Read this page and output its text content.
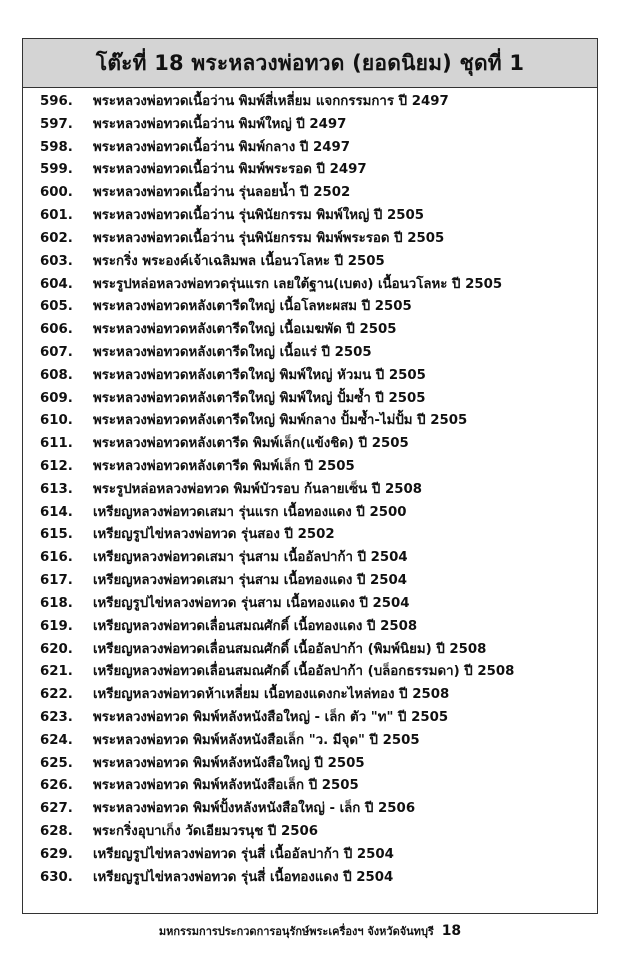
โต๊ะที่ 18 พระหลวงพ่อทวด (ยอดนิยม) ชุดที่ 1
596.	พระหลวงพ่อทวดเนื้อว่าน พิมพ์สี่เหลี่ยม แจกกรรมการ ปี 2497
597.	พระหลวงพ่อทวดเนื้อว่าน พิมพ์ใหญ่ ปี 2497
598.	พระหลวงพ่อทวดเนื้อว่าน พิมพ์กลาง ปี 2497
599.	พระหลวงพ่อทวดเนื้อว่าน พิมพ์พระรอด ปี 2497
600.	พระหลวงพ่อทวดเนื้อว่าน รุ่นลอยน้ำ ปี 2502
601.	พระหลวงพ่อทวดเนื้อว่าน รุ่นพินัยกรรม พิมพ์ใหญ่ ปี 2505
602.	พระหลวงพ่อทวดเนื้อว่าน รุ่นพินัยกรรม พิมพ์พระรอด ปี 2505
603.	พระกริ่ง พระองค์เจ้าเฉลิมพล เนื้อนวโลหะ ปี 2505
604.	พระรูปหล่อหลวงพ่อทวดรุ่นแรก เลยใต้ฐาน(เบตง) เนื้อนวโลหะ ปี 2505
605.	พระหลวงพ่อทวดหลังเตารีดใหญ่ เนื้อโลหะผสม ปี 2505
606.	พระหลวงพ่อทวดหลังเตารีดใหญ่ เนื้อเมฆพัด ปี 2505
607.	พระหลวงพ่อทวดหลังเตารีดใหญ่ เนื้อแร่ ปี 2505
608.	พระหลวงพ่อทวดหลังเตารีดใหญ่ พิมพ์ใหญ่ หัวมน ปี 2505
609.	พระหลวงพ่อทวดหลังเตารีดใหญ่ พิมพ์ใหญ่ ปั้มซ้ำ ปี 2505
610.	พระหลวงพ่อทวดหลังเตารีดใหญ่ พิมพ์กลาง ปั้มซ้ำ-ไม่ปั้ม ปี 2505
611.	พระหลวงพ่อทวดหลังเตารีด พิมพ์เล็ก(แข้งชิด) ปี 2505
612.	พระหลวงพ่อทวดหลังเตารีด พิมพ์เล็ก ปี 2505
613.	พระรูปหล่อหลวงพ่อทวด พิมพ์บัวรอบ ก้นลายเซ็น ปี 2508
614.	เหรียญหลวงพ่อทวดเสมา รุ่นแรก เนื้อทองแดง ปี 2500
615.	เหรียญรูปไข่หลวงพ่อทวด รุ่นสอง ปี 2502
616.	เหรียญหลวงพ่อทวดเสมา รุ่นสาม เนื้ออัลปาก้า ปี 2504
617.	เหรียญหลวงพ่อทวดเสมา รุ่นสาม เนื้อทองแดง ปี 2504
618.	เหรียญรูปไข่หลวงพ่อทวด รุ่นสาม เนื้อทองแดง ปี 2504
619.	เหรียญหลวงพ่อทวดเลื่อนสมณศักดิ์ เนื้อทองแดง ปี 2508
620.	เหรียญหลวงพ่อทวดเลื่อนสมณศักดิ์ เนื้ออัลปาก้า (พิมพ์นิยม) ปี 2508
621.	เหรียญหลวงพ่อทวดเลื่อนสมณศักดิ์ เนื้ออัลปาก้า (บล็อกธรรมดา) ปี 2508
622.	เหรียญหลวงพ่อทวดห้าเหลี่ยม เนื้อทองแดงกะไหล่ทอง ปี 2508
623.	พระหลวงพ่อทวด พิมพ์หลังหนังสือใหญ่ - เล็ก ตัว "ท" ปี 2505
624.	พระหลวงพ่อทวด พิมพ์หลังหนังสือเล็ก "ว. มีจุด" ปี 2505
625.	พระหลวงพ่อทวด พิมพ์หลังหนังสือใหญ่ ปี 2505
626.	พระหลวงพ่อทวด พิมพ์หลังหนังสือเล็ก ปี 2505
627.	พระหลวงพ่อทวด พิมพ์ปั้งหลังหนังสือใหญ่ - เล็ก ปี 2506
628.	พระกริ่งอุบาเก็ง วัดเอียมวรนุช ปี 2506
629.	เหรียญรูปไข่หลวงพ่อทวด รุ่นสี่ เนื้ออัลปาก้า ปี 2504
630.	เหรียญรูปไข่หลวงพ่อทวด รุ่นสี่ เนื้อทองแดง ปี 2504
มหกรรมการประกวดการอนุรักษ์พระเครื่องฯ จังหวัดจันทบุรี 18
